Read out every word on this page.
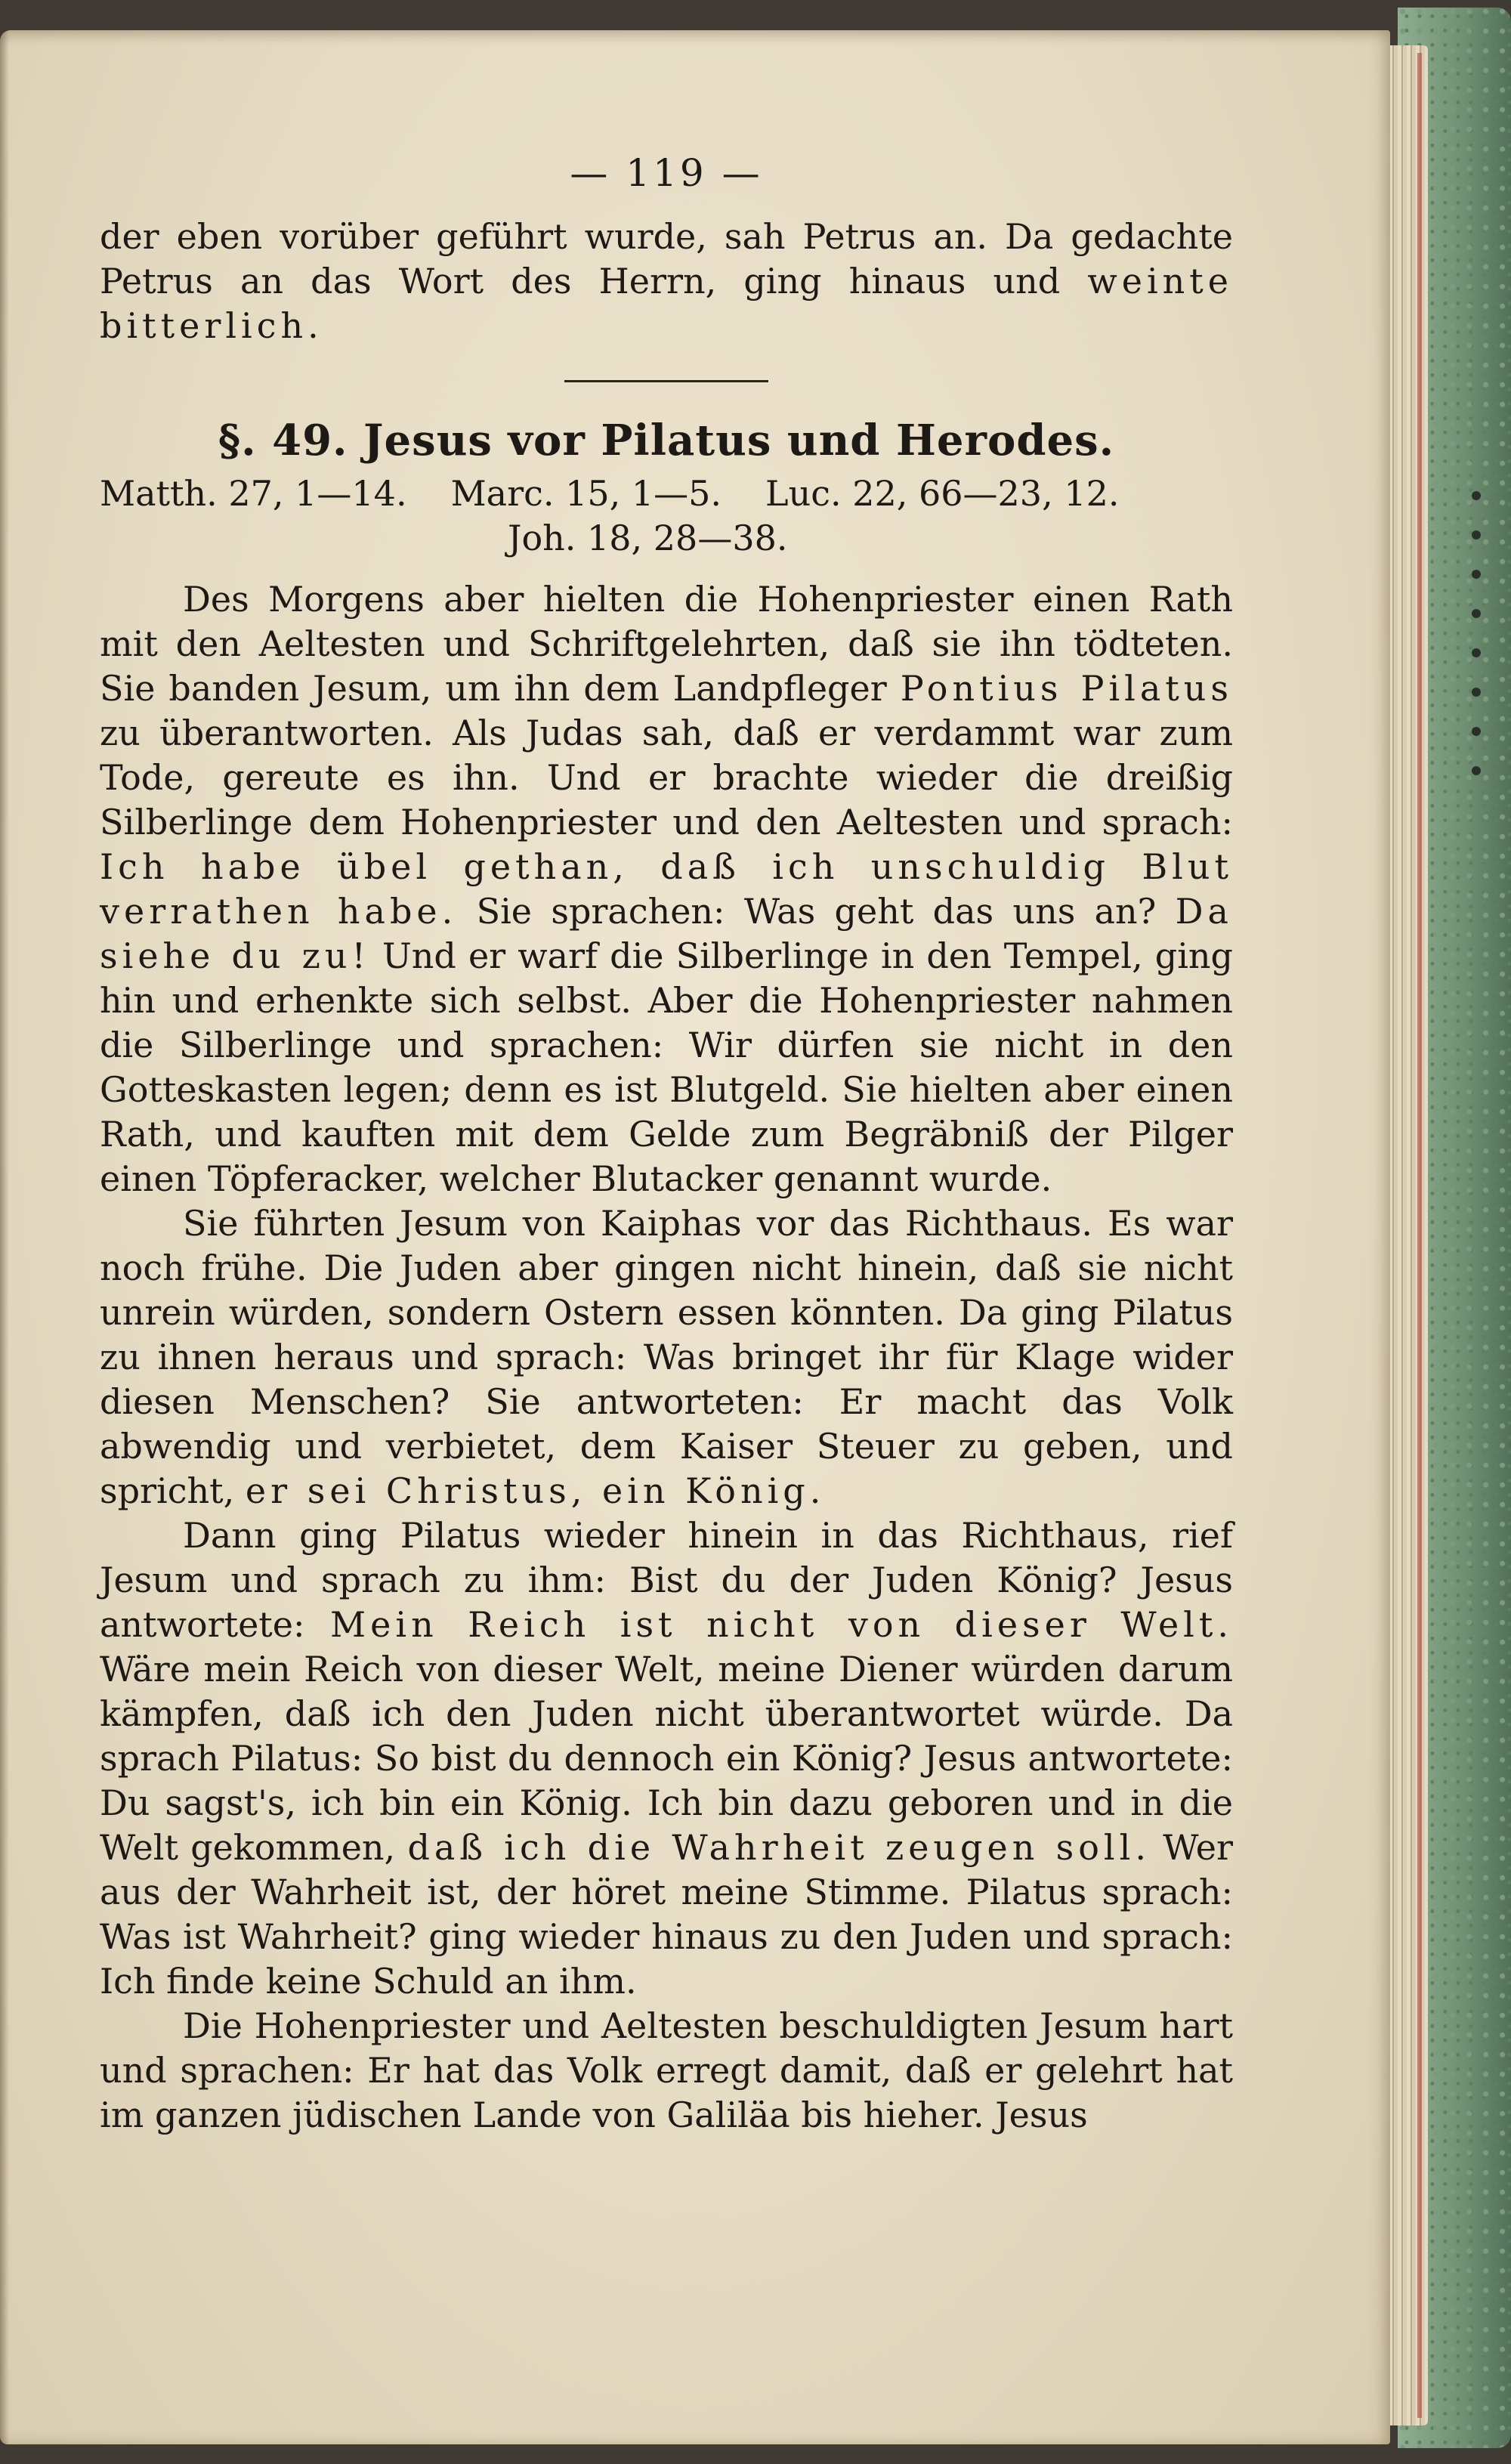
— 119 —

der eben vorüber geführt wurde, sah Petrus an. Da gedachte Petrus an das Wort des Herrn, ging hinaus und weinte bitterlich.

§. 49. Jesus vor Pilatus und Herodes.
Matth. 27, 1—14. Marc. 15, 1—5. Luc. 22, 66—23, 12.
Joh. 18, 28—38.

Des Morgens aber hielten die Hohenpriester einen Rath mit den Aeltesten und Schriftgelehrten, daß sie ihn tödteten. Sie banden Jesum, um ihn dem Landpfleger Pontius Pilatus zu überantworten. Als Judas sah, daß er verdammt war zum Tode, gereute es ihn. Und er brachte wieder die dreißig Silberlinge dem Hohenpriester und den Aeltesten und sprach: Ich habe übel gethan, daß ich unschuldig Blut verrathen habe. Sie sprachen: Was geht das uns an? Da siehe du zu! Und er warf die Silberlinge in den Tempel, ging hin und erhenkte sich selbst. Aber die Hohenpriester nahmen die Silberlinge und sprachen: Wir dürfen sie nicht in den Gotteskasten legen; denn es ist Blutgeld. Sie hielten aber einen Rath, und kauften mit dem Gelde zum Begräbniß der Pilger einen Töpferacker, welcher Blutacker genannt wurde.

Sie führten Jesum von Kaiphas vor das Richthaus. Es war noch frühe. Die Juden aber gingen nicht hinein, daß sie nicht unrein würden, sondern Ostern essen könnten. Da ging Pilatus zu ihnen heraus und sprach: Was bringet ihr für Klage wider diesen Menschen? Sie antworteten: Er macht das Volk abwendig und verbietet, dem Kaiser Steuer zu geben, und spricht, er sei Christus, ein König.

Dann ging Pilatus wieder hinein in das Richthaus, rief Jesum und sprach zu ihm: Bist du der Juden König? Jesus antwortete: Mein Reich ist nicht von dieser Welt. Wäre mein Reich von dieser Welt, meine Diener würden darum kämpfen, daß ich den Juden nicht überantwortet würde. Da sprach Pilatus: So bist du dennoch ein König? Jesus antwortete: Du sagst's, ich bin ein König. Ich bin dazu geboren und in die Welt gekommen, daß ich die Wahrheit zeugen soll. Wer aus der Wahrheit ist, der höret meine Stimme. Pilatus sprach: Was ist Wahrheit? ging wieder hinaus zu den Juden und sprach: Ich finde keine Schuld an ihm.

Die Hohenpriester und Aeltesten beschuldigten Jesum hart und sprachen: Er hat das Volk erregt damit, daß er gelehrt hat im ganzen jüdischen Lande von Galiläa bis hieher. Jesus
